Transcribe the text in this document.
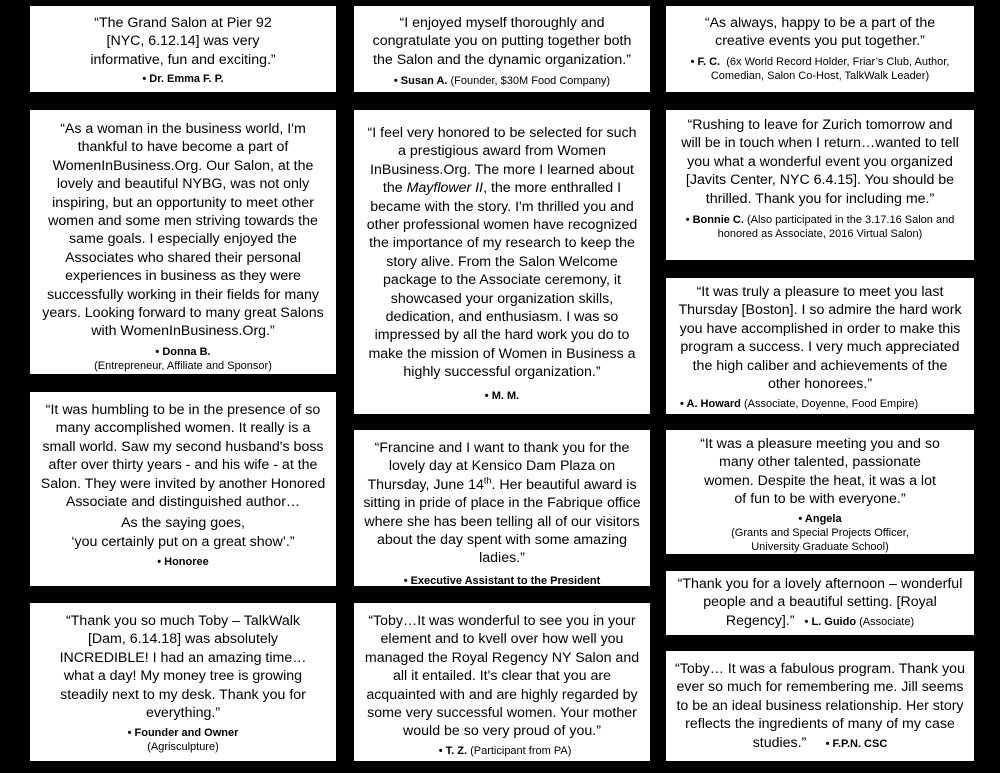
“The Grand Salon at Pier 92 [NYC, 6.12.14] was very informative, fun and exciting.”
• Dr. Emma F. P.
“As a woman in the business world, I'm thankful to have become a part of WomenInBusiness.Org. Our Salon, at the lovely and beautiful NYBG, was not only inspiring, but an opportunity to meet other women and some men striving towards the same goals. I especially enjoyed the Associates who shared their personal experiences in business as they were successfully working in their fields for many years. Looking forward to many great Salons with WomenInBusiness.Org.”
• Donna B.
(Entrepreneur, Affiliate and Sponsor)
“It was humbling to be in the presence of so many accomplished women. It really is a small world. Saw my second husband's boss after over thirty years - and his wife - at the Salon. They were invited by another Honored Associate and distinguished author…
As the saying goes,
‘you certainly put on a great show’.”
• Honoree
“Thank you so much Toby – TalkWalk [Dam, 6.14.18] was absolutely INCREDIBLE! I had an amazing time…what a day! My money tree is growing steadily next to my desk. Thank you for everything.”
• Founder and Owner
(Agrisculpture)
“I enjoyed myself thoroughly and congratulate you on putting together both the Salon and the dynamic organization.”
• Susan A. (Founder, $30M Food Company)
“I feel very honored to be selected for such a prestigious award from Women InBusiness.Org. The more I learned about the Mayflower II, the more enthralled I became with the story. I'm thrilled you and other professional women have recognized the importance of my research to keep the story alive. From the Salon Welcome package to the Associate ceremony, it showcased your organization skills, dedication, and enthusiasm. I was so impressed by all the hard work you do to make the mission of Women in Business a highly successful organization.”
• M. M.
“Francine and I want to thank you for the lovely day at Kensico Dam Plaza on Thursday, June 14th. Her beautiful award is sitting in pride of place in the Fabrique office where she has been telling all of our visitors about the day spent with some amazing ladies.”
• Executive Assistant to the President
“Toby…It was wonderful to see you in your element and to kvell over how well you managed the Royal Regency NY Salon and all it entailed. It's clear that you are acquainted with and are highly regarded by some very successful women. Your mother would be so very proud of you.”   • T. Z. (Participant from PA)
“As always, happy to be a part of the creative events you put together.”
• F. C. (6x World Record Holder, Friar’s Club, Author, Comedian, Salon Co-Host, TalkWalk Leader)
“Rushing to leave for Zurich tomorrow and will be in touch when I return…wanted to tell you what a wonderful event you organized [Javits Center, NYC 6.4.15]. You should be thrilled. Thank you for including me.”
• Bonnie C. (Also participated in the 3.17.16 Salon and honored as Associate, 2016 Virtual Salon)
“It was truly a pleasure to meet you last Thursday [Boston]. I so admire the hard work you have accomplished in order to make this program a success. I very much appreciated the high caliber and achievements of the other honorees.”
• A. Howard (Associate, Doyenne, Food Empire)
“It was a pleasure meeting you and so many other talented, passionate women. Despite the heat, it was a lot of fun to be with everyone.”
• Angela
(Grants and Special Projects Officer, University Graduate School)
“Thank you for a lovely afternoon – wonderful people and a beautiful setting. [Royal Regency].” • L. Guido (Associate)
“Toby… It was a fabulous program. Thank you ever so much for remembering me. Jill seems to be an ideal business relationship. Her story reflects the ingredients of many of my case studies.” • F.P.N. CSC
